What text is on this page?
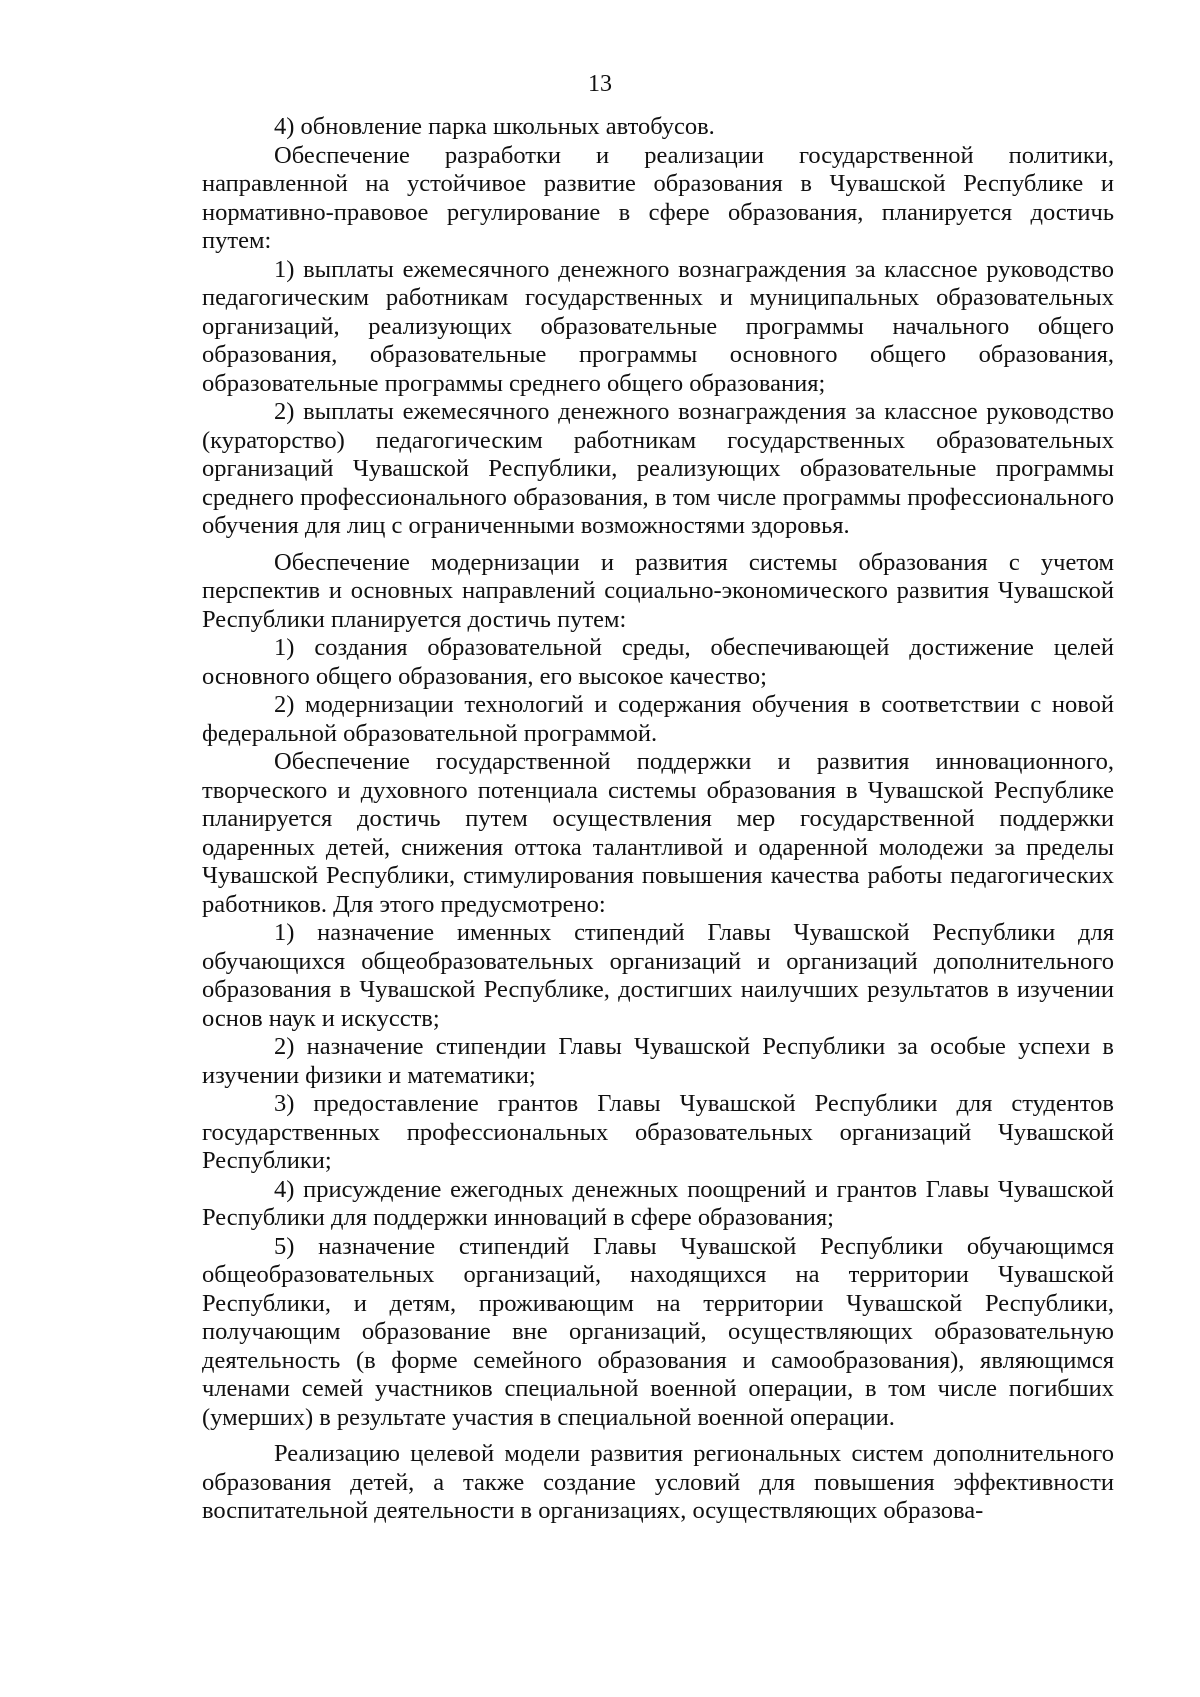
13

4) обновление парка школьных автобусов.

Обеспечение разработки и реализации государственной политики, направленной на устойчивое развитие образования в Чувашской Республике и нормативно-правовое регулирование в сфере образования, планируется достичь путем:

1) выплаты ежемесячного денежного вознаграждения за классное руководство педагогическим работникам государственных и муниципальных образовательных организаций, реализующих образовательные программы начального общего образования, образовательные программы основного общего образования, образовательные программы среднего общего образования;

2) выплаты ежемесячного денежного вознаграждения за классное руководство (кураторство) педагогическим работникам государственных образовательных организаций Чувашской Республики, реализующих образовательные программы среднего профессионального образования, в том числе программы профессионального обучения для лиц с ограниченными возможностями здоровья.

Обеспечение модернизации и развития системы образования с учетом перспектив и основных направлений социально-экономического развития Чувашской Республики планируется достичь путем:

1) создания образовательной среды, обеспечивающей достижение целей основного общего образования, его высокое качество;

2) модернизации технологий и содержания обучения в соответствии с новой федеральной образовательной программой.

Обеспечение государственной поддержки и развития инновационного, творческого и духовного потенциала системы образования в Чувашской Республике планируется достичь путем осуществления мер государственной поддержки одаренных детей, снижения оттока талантливой и одаренной молодежи за пределы Чувашской Республики, стимулирования повышения качества работы педагогических работников. Для этого предусмотрено:

1) назначение именных стипендий Главы Чувашской Республики для обучающихся общеобразовательных организаций и организаций дополнительного образования в Чувашской Республике, достигших наилучших результатов в изучении основ наук и искусств;

2) назначение стипендии Главы Чувашской Республики за особые успехи в изучении физики и математики;

3) предоставление грантов Главы Чувашской Республики для студентов государственных профессиональных образовательных организаций Чувашской Республики;

4) присуждение ежегодных денежных поощрений и грантов Главы Чувашской Республики для поддержки инноваций в сфере образования;

5) назначение стипендий Главы Чувашской Республики обучающимся общеобразовательных организаций, находящихся на территории Чувашской Республики, и детям, проживающим на территории Чувашской Республики, получающим образование вне организаций, осуществляющих образовательную деятельность (в форме семейного образования и самообразования), являющимся членами семей участников специальной военной операции, в том числе погибших (умерших) в результате участия в специальной военной операции.

Реализацию целевой модели развития региональных систем дополнительного образования детей, а также создание условий для повышения эффективности воспитательной деятельности в организациях, осуществляющих образова-
